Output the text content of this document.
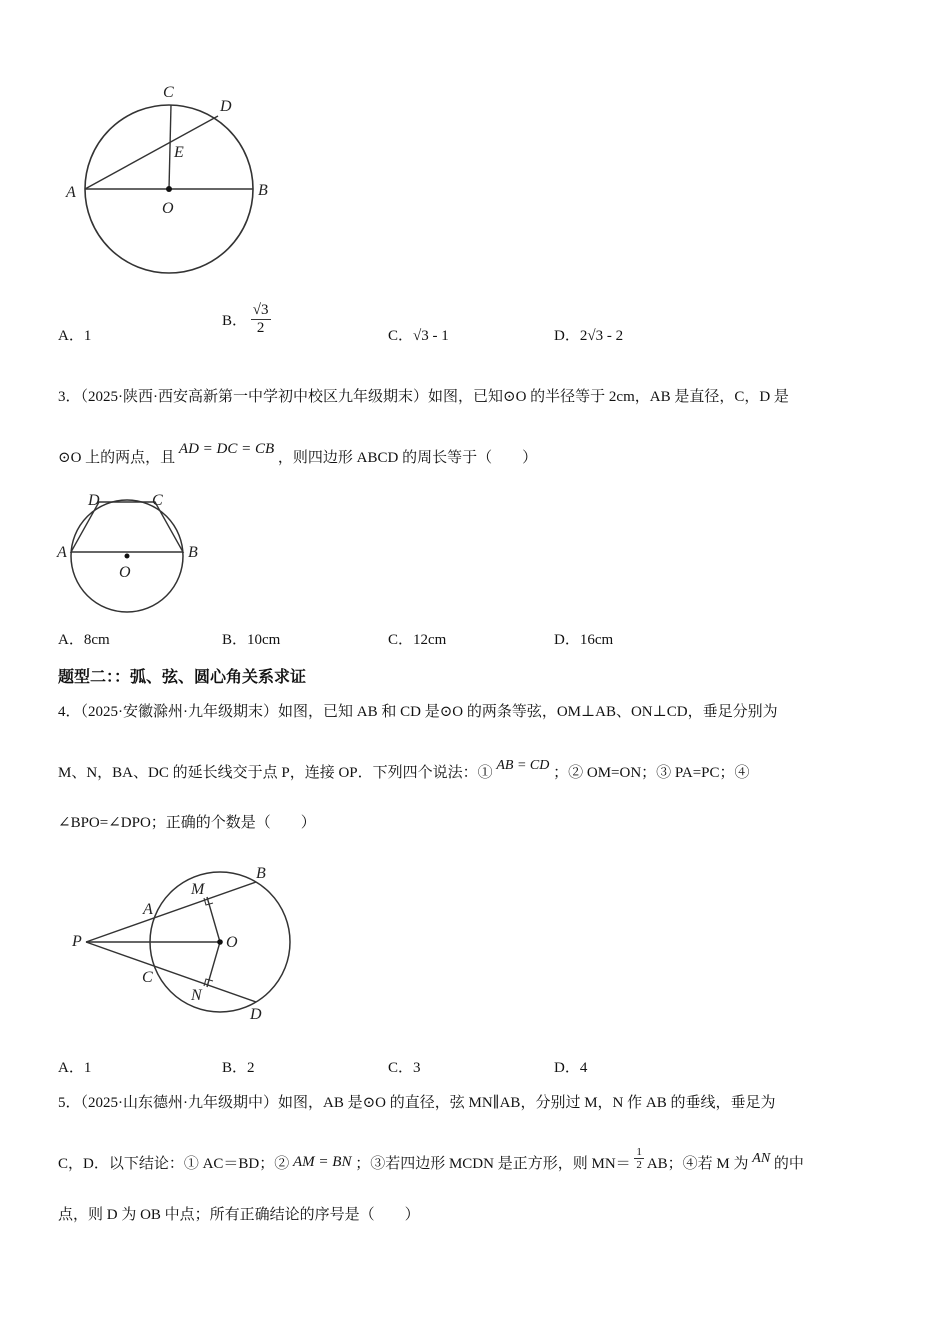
C
D
E
A	B
O
A．1
B． $\frac{√3}{2}$	C．√3 - 1	D．2√3 - 2
3．（2025·陕西·西安高新第一中学初中校区九年级期末）如图，已知⊙O 的半径等于 2cm，AB 是直径，C，D 是
⊙O 上的两点，且 AD = DC = CB ，则四边形 ABCD 的周长等于（　　）
D	C
A	B
O
A．8cm	B．10cm	C．12cm	D．16cm
题型二：：弧、弦、圆心角关系求证
4．（2025·安徽滁州·九年级期末）如图，已知 AB 和 CD 是⊙O 的两条等弦，OM⊥AB、ON⊥CD，垂足分别为
M、N，BA、DC 的延长线交于点 P，连接 OP．下列四个说法：① AB = CD ；② OM=ON；③ PA=PC；④
∠BPO=∠DPO；正确的个数是（　　）
B
M
A
P	O
C
N
D
A．1	B．2	C．3	D．4
5．（2025·山东德州·九年级期中）如图，AB 是⊙O 的直径，弦 MN∥AB，分别过 M，N 作 AB 的垂线，垂足为
C，D．以下结论：① AC＝BD；② AM = BN ；③若四边形 MCDN 是正方形，则 $MN= \frac{1}{2}$ AB；④若 M 为 AN 的中
点，则 D 为 OB 中点；所有正确结论的序号是（　　）
